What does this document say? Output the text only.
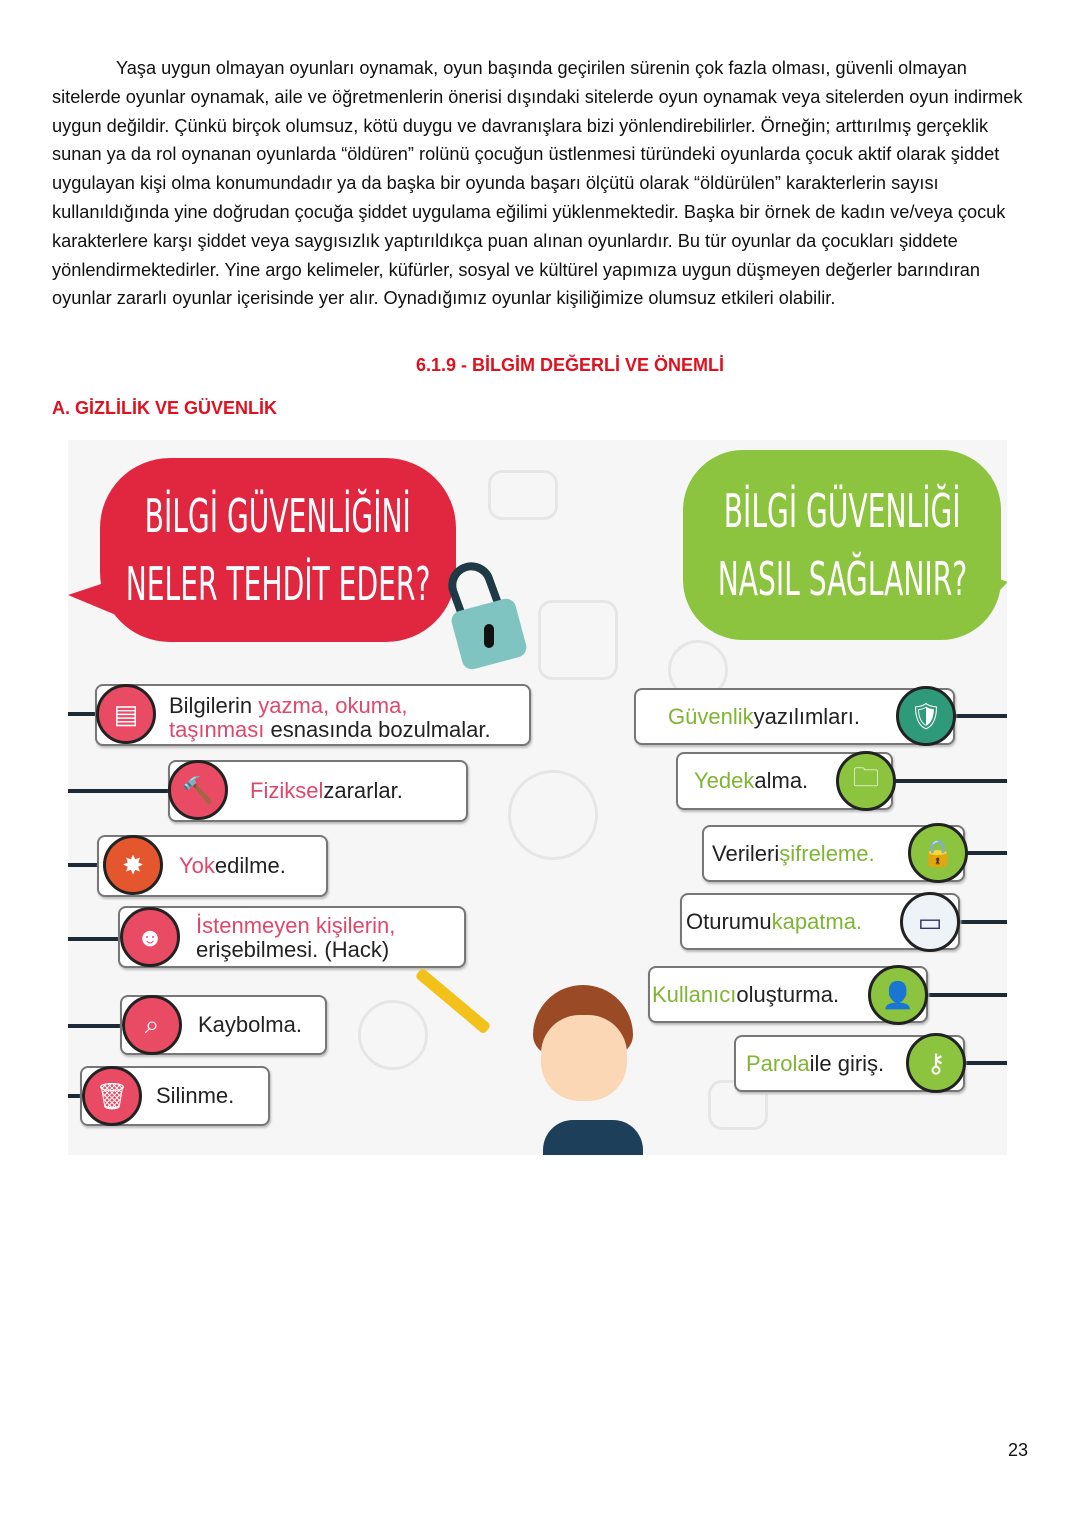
Yaşa uygun olmayan oyunları oynamak, oyun başında geçirilen sürenin çok fazla olması, güvenli olmayan sitelerde oyunlar oynamak, aile ve öğretmenlerin önerisi dışındaki sitelerde oyun oynamak veya sitelerden oyun indirmek uygun değildir. Çünkü birçok olumsuz, kötü duygu ve davranışlara bizi yönlendirebilirler. Örneğin; arttırılmış gerçeklik sunan ya da rol oynanan oyunlarda “öldüren” rolünü çocuğun üstlenmesi türündeki oyunlarda çocuk aktif olarak şiddet uygulayan kişi olma konumundadır ya da başka bir oyunda başarı ölçütü olarak “öldürülen” karakterlerin sayısı kullanıldığında yine doğrudan çocuğa şiddet uygulama eğilimi yüklenmektedir. Başka bir örnek de kadın ve/veya çocuk karakterlere karşı şiddet veya saygısızlık yaptırıldıkça puan alınan oyunlardır. Bu tür oyunlar da çocukları şiddete yönlendirmektedirler. Yine argo kelimeler, küfürler, sosyal ve kültürel yapımıza uygun düşmeyen değerler barındıran oyunlar zararlı oyunlar içerisinde yer alır. Oynadığımız oyunlar kişiliğimize olumsuz etkileri olabilir.

6.1.9 - BİLGİM DEĞERLİ VE ÖNEMLİ
A. GİZLİLİK VE GÜVENLİK
BİLGİ GÜVENLİĞİNİ
NELER TEHDİT EDER?
BİLGİ GÜVENLİĞİ
NASIL SAĞLANIR?
Bilgilerin yazma, okuma,
taşınması esnasında bozulmalar.
▤
Fiziksel zararlar.
🔨
Yok edilme.
✸
İstenmeyen kişilerin,
erişebilmesi. (Hack)
☻
Kaybolma.
⌕
Silinme.
🗑
Güvenlik yazılımları.	🛡
Yedek alma.	🗀
Verileri şifreleme.	🔒
Oturumu kapatma.	▭
Kullanıcı oluşturma.	👤
Parola ile giriş.	⚷
23
